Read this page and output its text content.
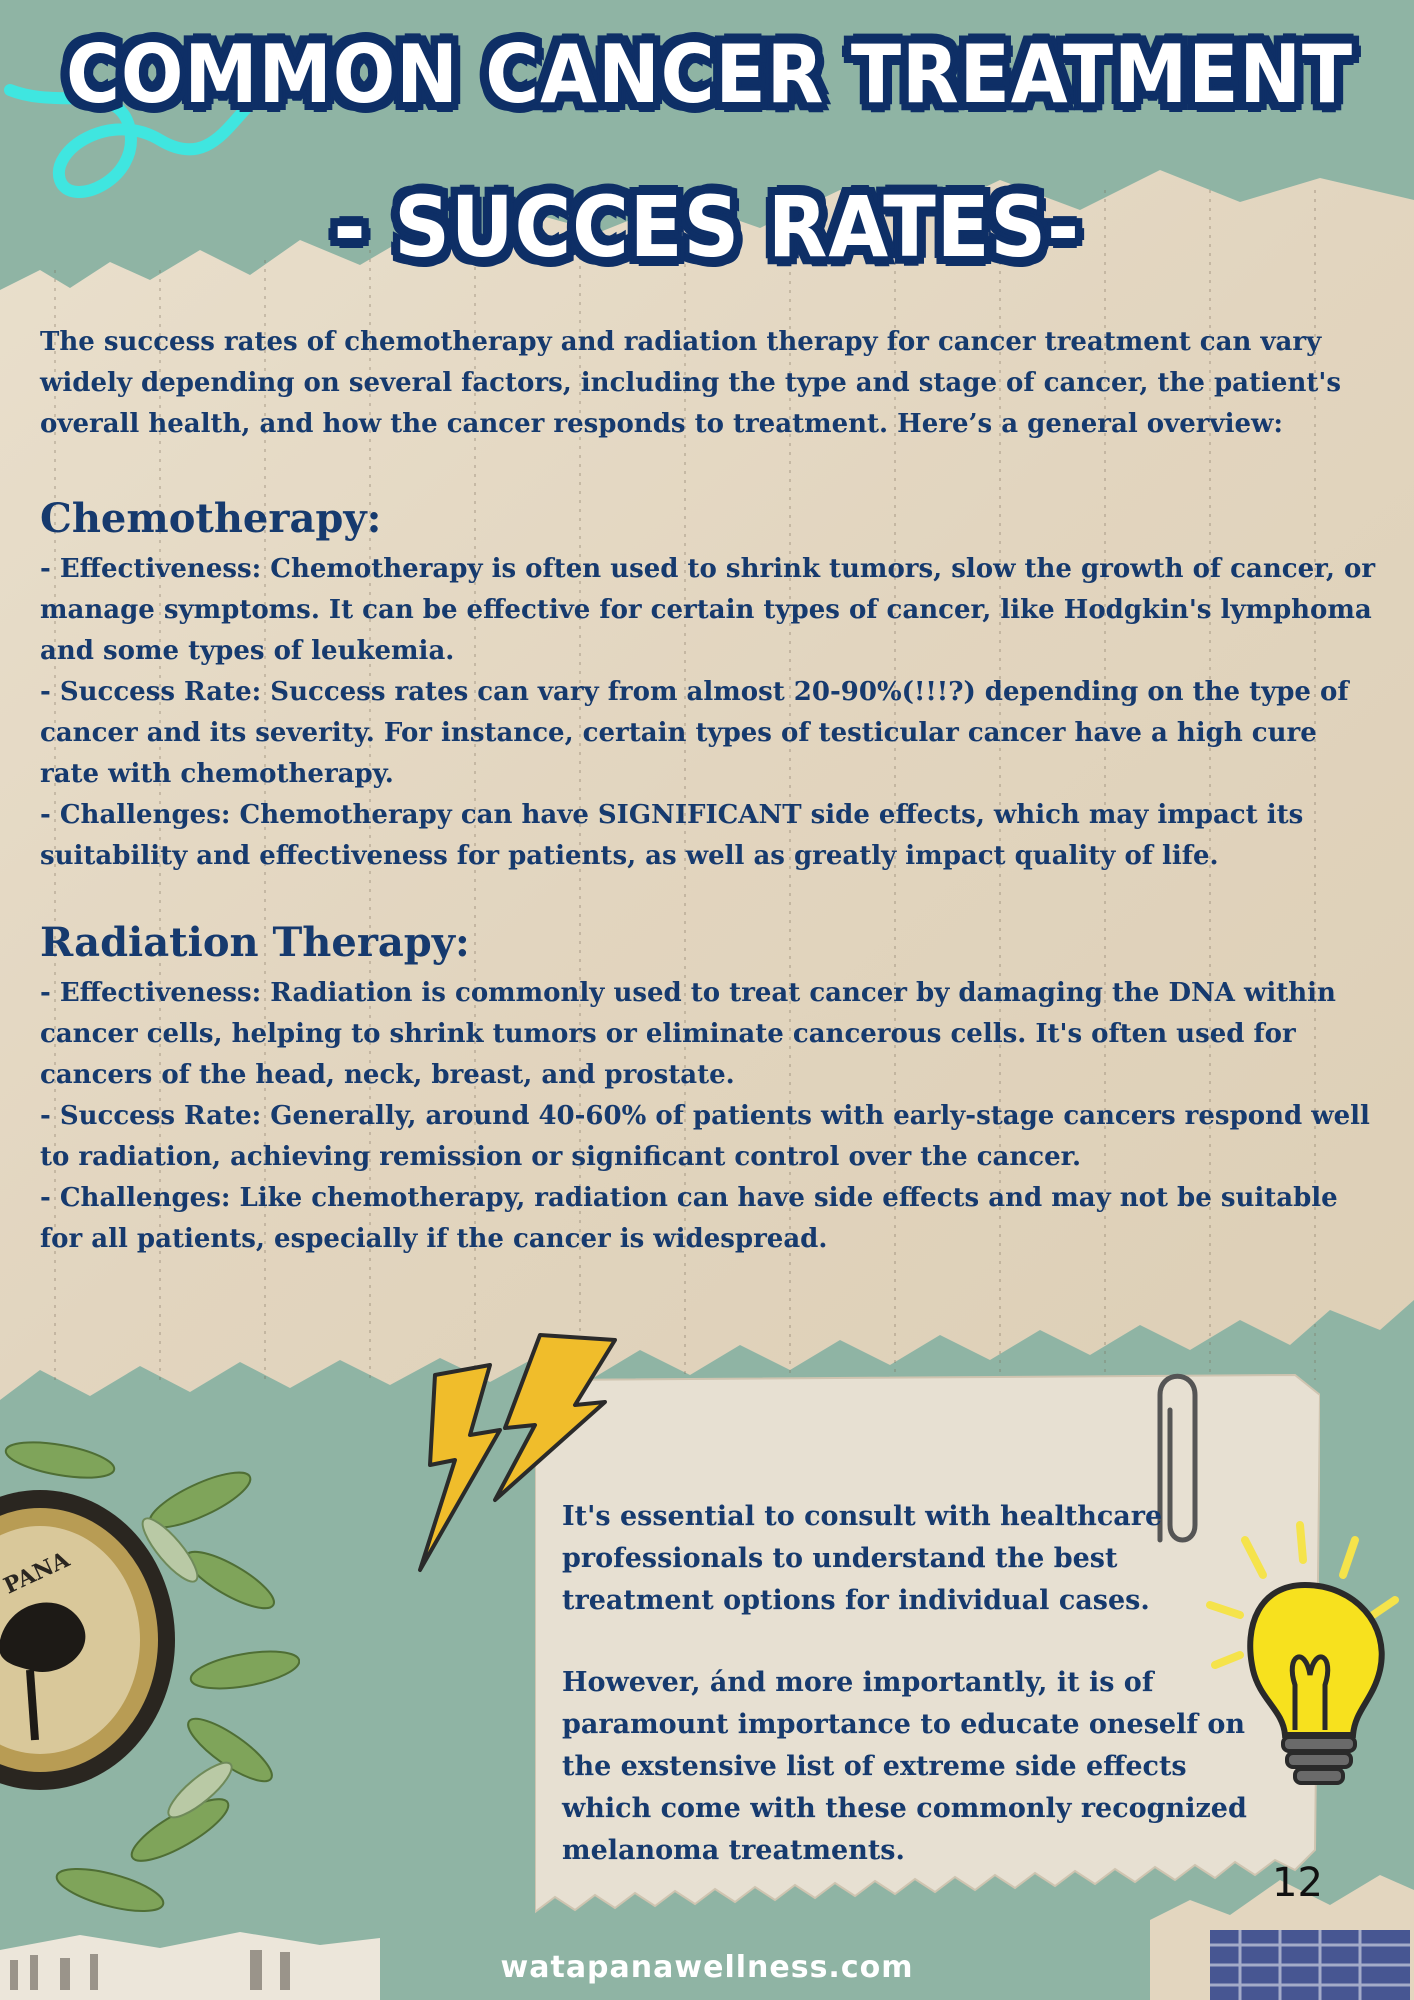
COMMON CANCER TREATMENT
- SUCCES RATES-

The success rates of chemotherapy and radiation therapy for cancer treatment can vary widely depending on several factors, including the type and stage of cancer, the patient's overall health, and how the cancer responds to treatment. Here’s a general overview:

Chemotherapy:

- Effectiveness: Chemotherapy is often used to shrink tumors, slow the growth of cancer, or manage symptoms. It can be effective for certain types of cancer, like Hodgkin's lymphoma and some types of leukemia.

- Success Rate: Success rates can vary from almost 20-90%(!!!?) depending on the type of cancer and its severity. For instance, certain types of testicular cancer have a high cure rate with chemotherapy.

- Challenges: Chemotherapy can have SIGNIFICANT side effects, which may impact its suitability and effectiveness for patients, as well as greatly impact quality of life.

Radiation Therapy:

- Effectiveness: Radiation is commonly used to treat cancer by damaging the DNA within cancer cells, helping to shrink tumors or eliminate cancerous cells. It's often used for cancers of the head, neck, breast, and prostate.

- Success Rate: Generally, around 40-60% of patients with early-stage cancers respond well to radiation, achieving remission or significant control over the cancer.

- Challenges: Like chemotherapy, radiation can have side effects and may not be suitable for all patients, especially if the cancer is widespread.

PANA

It's essential to consult with healthcare professionals to understand the best treatment options for individual cases.

However, ánd more importantly, it is of paramount importance to educate oneself on the exstensive list of extreme side effects which come with these commonly recognized melanoma treatments.

12
watapanawellness.com
